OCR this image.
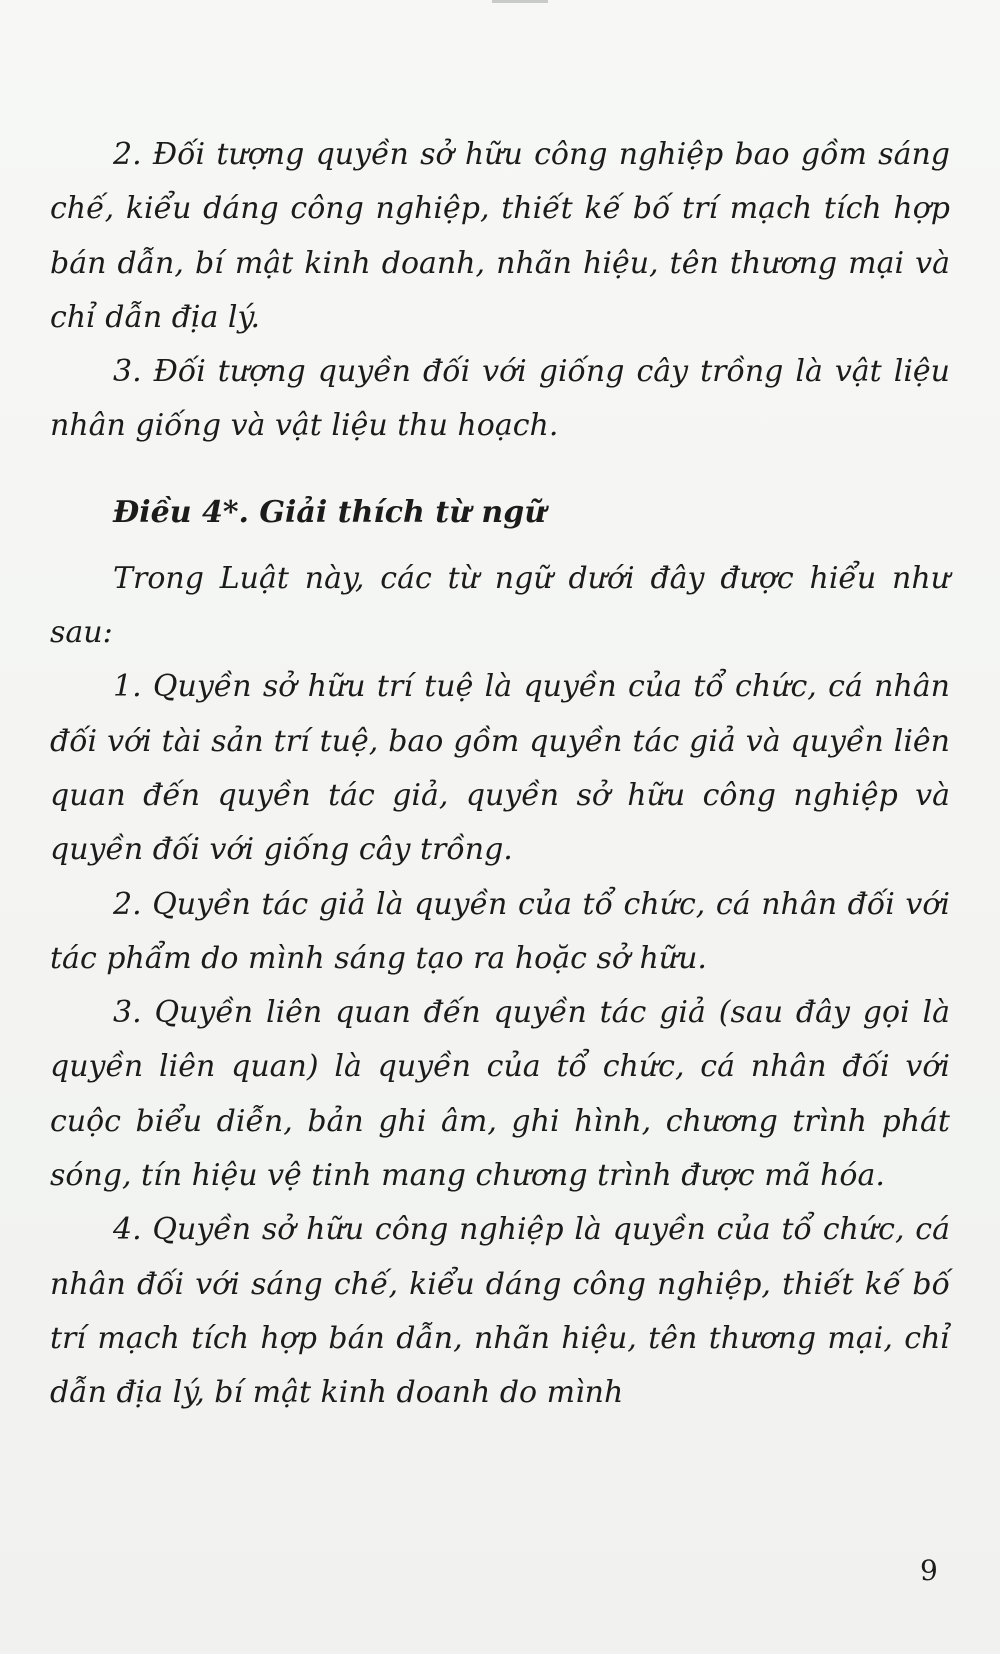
2. Đối tượng quyền sở hữu công nghiệp bao gồm sáng chế, kiểu dáng công nghiệp, thiết kế bố trí mạch tích hợp bán dẫn, bí mật kinh doanh, nhãn hiệu, tên thương mại và chỉ dẫn địa lý.

3. Đối tượng quyền đối với giống cây trồng là vật liệu nhân giống và vật liệu thu hoạch.

Điều 4*. Giải thích từ ngữ

Trong Luật này, các từ ngữ dưới đây được hiểu như sau:

1. Quyền sở hữu trí tuệ là quyền của tổ chức, cá nhân đối với tài sản trí tuệ, bao gồm quyền tác giả và quyền liên quan đến quyền tác giả, quyền sở hữu công nghiệp và quyền đối với giống cây trồng.

2. Quyền tác giả là quyền của tổ chức, cá nhân đối với tác phẩm do mình sáng tạo ra hoặc sở hữu.

3. Quyền liên quan đến quyền tác giả (sau đây gọi là quyền liên quan) là quyền của tổ chức, cá nhân đối với cuộc biểu diễn, bản ghi âm, ghi hình, chương trình phát sóng, tín hiệu vệ tinh mang chương trình được mã hóa.

4. Quyền sở hữu công nghiệp là quyền của tổ chức, cá nhân đối với sáng chế, kiểu dáng công nghiệp, thiết kế bố trí mạch tích hợp bán dẫn, nhãn hiệu, tên thương mại, chỉ dẫn địa lý, bí mật kinh doanh do mình

9
